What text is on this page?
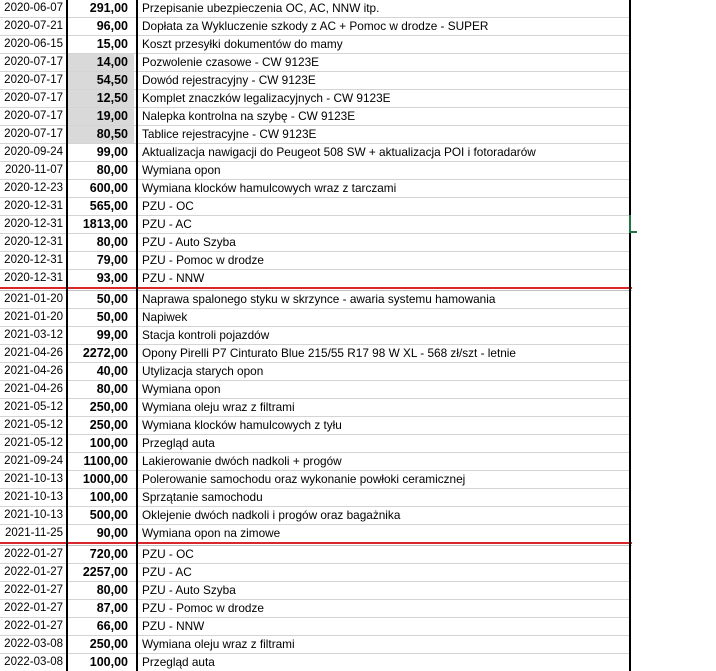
2020-06-07	291,00	Przepisanie ubezpieczenia OC, AC, NNW itp.
2020-07-21	96,00	Dopłata za Wykluczenie szkody z AC + Pomoc w drodze - SUPER
2020-06-15	15,00	Koszt przesyłki dokumentów do mamy
2020-07-17	14,00	Pozwolenie czasowe - CW 9123E
2020-07-17	54,50	Dowód rejestracyjny - CW 9123E
2020-07-17	12,50	Komplet znaczków legalizacyjnych - CW 9123E
2020-07-17	19,00	Nalepka kontrolna na szybę - CW 9123E
2020-07-17	80,50	Tablice rejestracyjne - CW 9123E
2020-09-24	99,00	Aktualizacja nawigacji do Peugeot 508 SW + aktualizacja POI i fotoradarów
2020-11-07	80,00	Wymiana opon
2020-12-23	600,00	Wymiana klocków hamulcowych wraz z tarczami
2020-12-31	565,00	PZU - OC
2020-12-31	1813,00	PZU - AC
2020-12-31	80,00	PZU - Auto Szyba
2020-12-31	79,00	PZU - Pomoc w drodze
2020-12-31	93,00	PZU - NNW
2021-01-20	50,00	Naprawa spalonego styku w skrzynce - awaria systemu hamowania
2021-01-20	50,00	Napiwek
2021-03-12	99,00	Stacja kontroli pojazdów
2021-04-26	2272,00	Opony Pirelli P7 Cinturato Blue 215/55 R17 98 W XL - 568 zł/szt - letnie
2021-04-26	40,00	Utylizacja starych opon
2021-04-26	80,00	Wymiana opon
2021-05-12	250,00	Wymiana oleju wraz z filtrami
2021-05-12	250,00	Wymiana klocków hamulcowych z tyłu
2021-05-12	100,00	Przegląd auta
2021-09-24	1100,00	Lakierowanie dwóch nadkoli + progów
2021-10-13	1000,00	Polerowanie samochodu oraz wykonanie powłoki ceramicznej
2021-10-13	100,00	Sprzątanie samochodu
2021-10-13	500,00	Oklejenie dwóch nadkoli i progów oraz bagażnika
2021-11-25	90,00	Wymiana opon na zimowe
2022-01-27	720,00	PZU - OC
2022-01-27	2257,00	PZU - AC
2022-01-27	80,00	PZU - Auto Szyba
2022-01-27	87,00	PZU - Pomoc w drodze
2022-01-27	66,00	PZU - NNW
2022-03-08	250,00	Wymiana oleju wraz z filtrami
2022-03-08	100,00	Przegląd auta
